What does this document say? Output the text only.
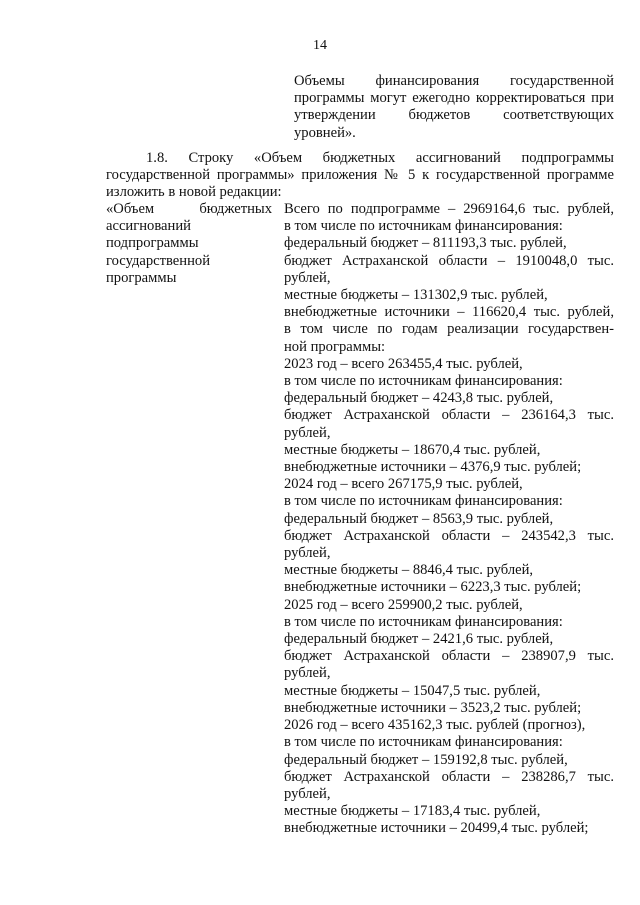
14

Объемы финансирования государственной программы могут ежегодно корректироваться при утверждении бюджетов соответствующих уровней».

1.8. Строку «Объем бюджетных ассигнований подпрограммы государственной программы» приложения № 5 к государственной программе изложить в новой редакции:

«Объем бюджетных ассигнований подпрограммы государственной программы
Всего по подпрограмме – 2969164,6 тыс. рублей,
в том числе по источникам финансирования:
федеральный бюджет – 811193,3 тыс. рублей,
бюджет Астраханской области – 1910048,0 тыс.
рублей,
местные бюджеты – 131302,9 тыс. рублей,
внебюджетные источники – 116620,4 тыс. рублей,
в том числе по годам реализации государствен-
ной программы:
2023 год – всего 263455,4 тыс. рублей,
в том числе по источникам финансирования:
федеральный бюджет – 4243,8 тыс. рублей,
бюджет Астраханской области – 236164,3 тыс.
рублей,
местные бюджеты – 18670,4 тыс. рублей,
внебюджетные источники – 4376,9 тыс. рублей;
2024 год – всего 267175,9 тыс. рублей,
в том числе по источникам финансирования:
федеральный бюджет – 8563,9 тыс. рублей,
бюджет Астраханской области – 243542,3 тыс.
рублей,
местные бюджеты – 8846,4 тыс. рублей,
внебюджетные источники – 6223,3 тыс. рублей;
2025 год – всего 259900,2 тыс. рублей,
в том числе по источникам финансирования:
федеральный бюджет – 2421,6 тыс. рублей,
бюджет Астраханской области – 238907,9 тыс.
рублей,
местные бюджеты – 15047,5 тыс. рублей,
внебюджетные источники – 3523,2 тыс. рублей;
2026 год – всего 435162,3 тыс. рублей (прогноз),
в том числе по источникам финансирования:
федеральный бюджет – 159192,8 тыс. рублей,
бюджет Астраханской области – 238286,7 тыс.
рублей,
местные бюджеты – 17183,4 тыс. рублей,
внебюджетные источники – 20499,4 тыс. рублей;
